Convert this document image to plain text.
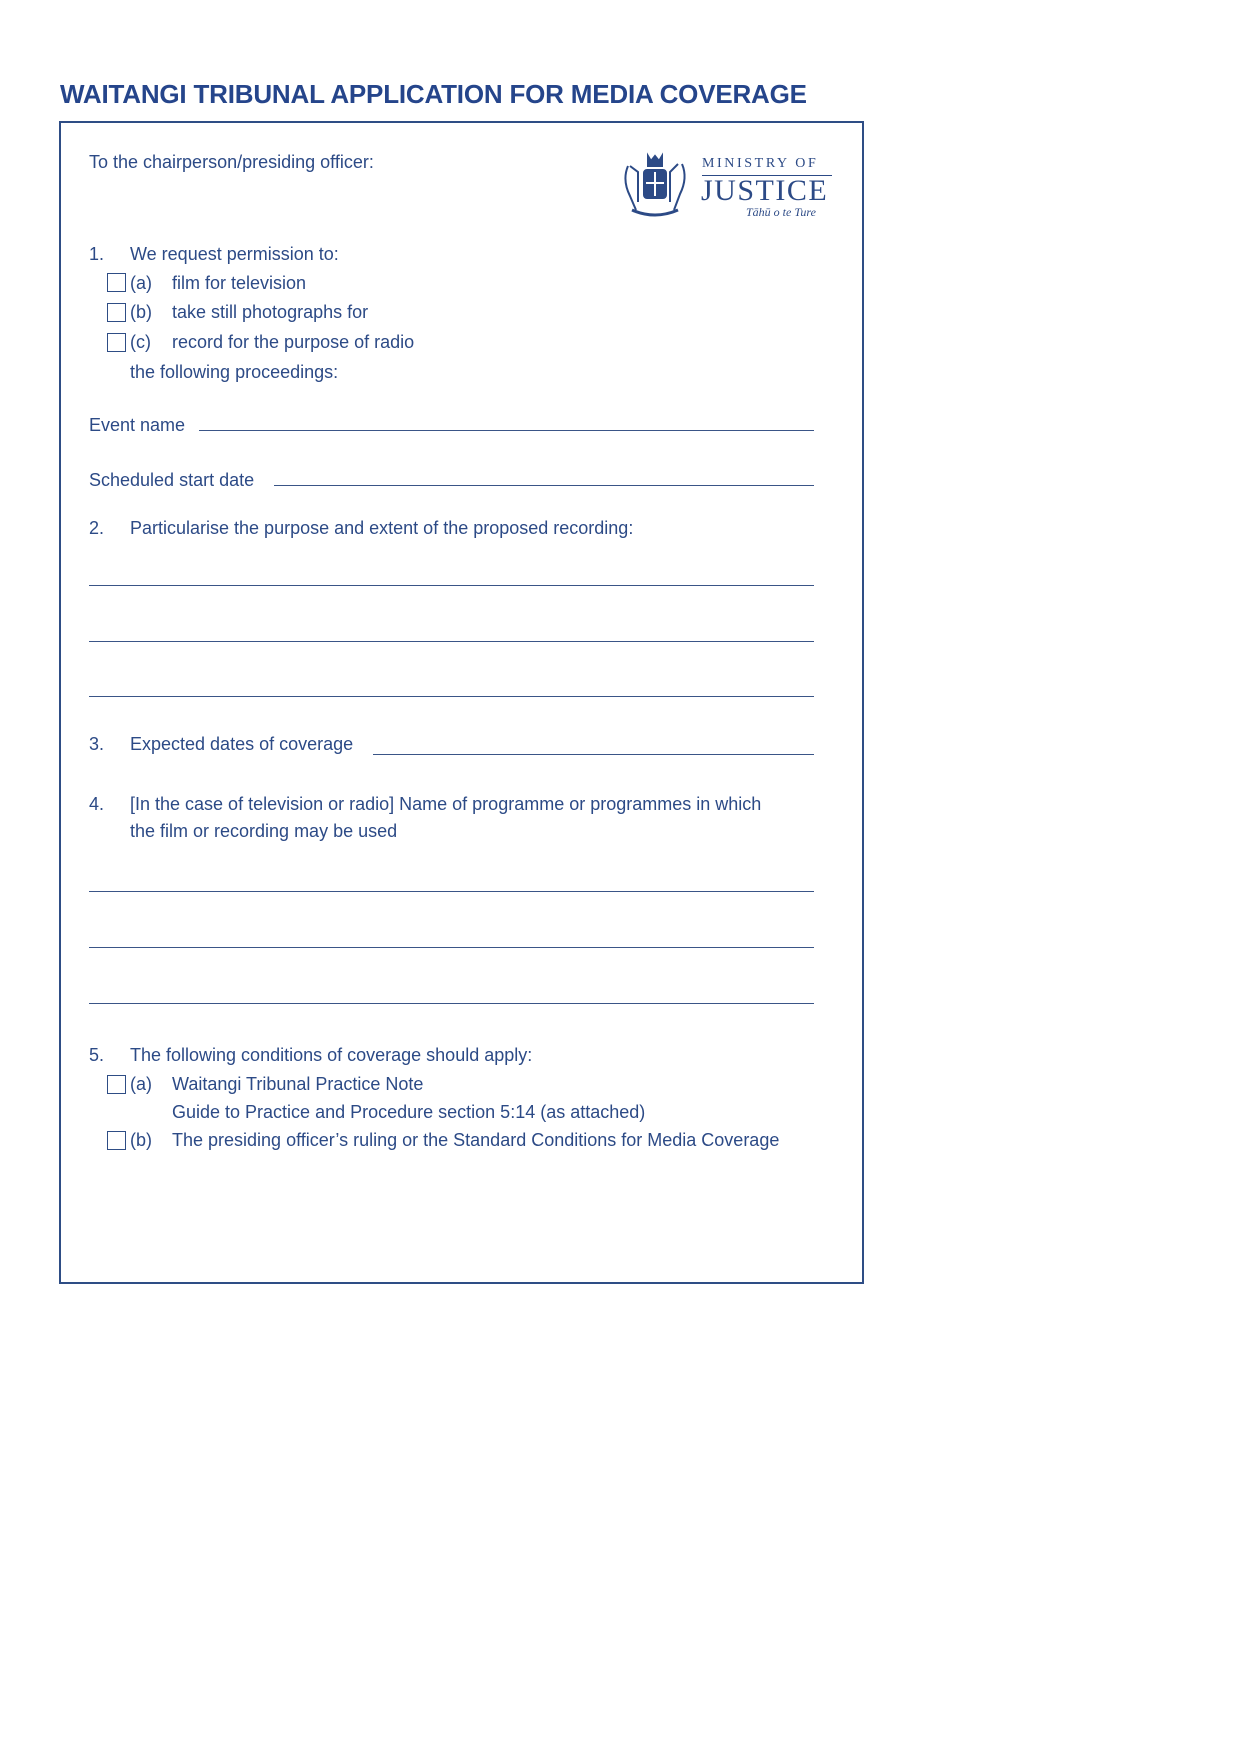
WAITANGI TRIBUNAL APPLICATION FOR MEDIA COVERAGE
To the chairperson/presiding officer:	MINISTRY OF
JUSTICE
Tāhū o te Ture
1. We request permission to:
(a) film for television
(b) take still photographs for
(c) record for the purpose of radio
the following proceedings:
Event name
Scheduled start date
2. Particularise the purpose and extent of the proposed recording:
3. Expected dates of coverage
4. [In the case of television or radio] Name of programme or programmes in which
the film or recording may be used
5. The following conditions of coverage should apply:
(a) Waitangi Tribunal Practice Note
Guide to Practice and Procedure section 5:14 (as attached)
(b) The presiding officer’s ruling or the Standard Conditions for Media Coverage
